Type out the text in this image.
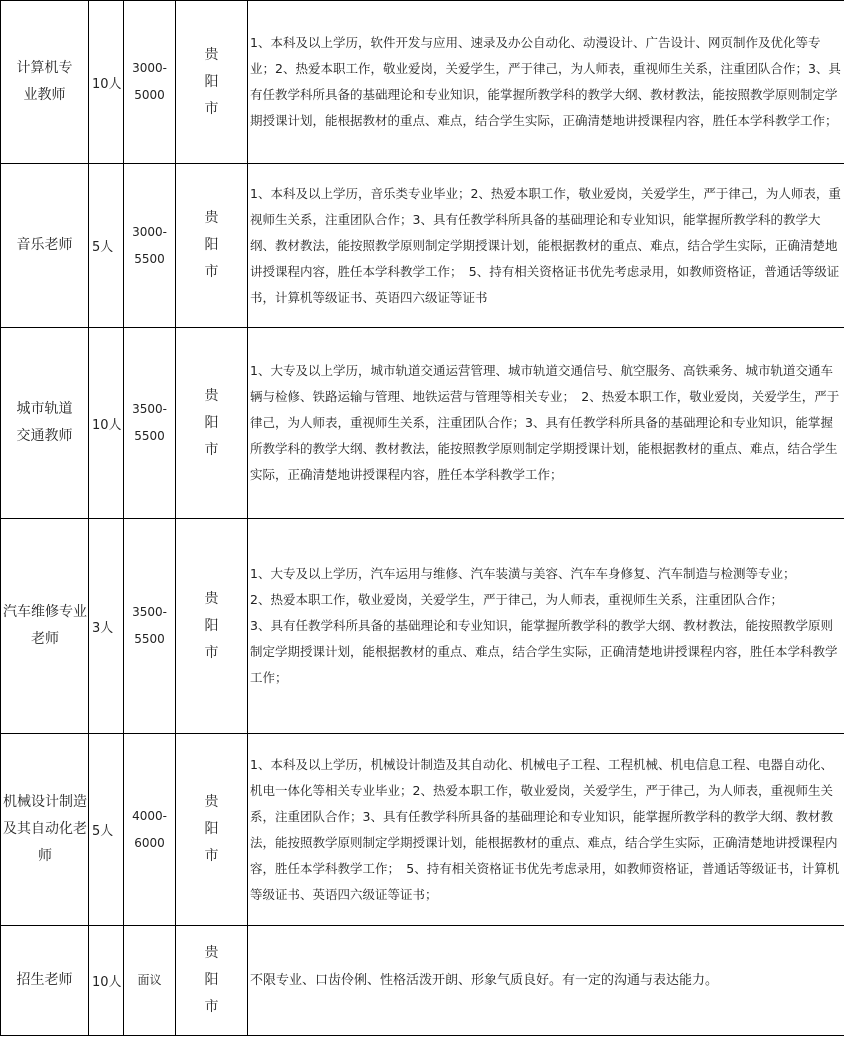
计算机专业教师	10人	3000-5000	贵阳市	1、本科及以上学历，软件开发与应用、速录及办公自动化、动漫设计、广告设计、网页制作及优化等专业；2、热爱本职工作，敬业爱岗，关爱学生，严于律己，为人师表，重视师生关系，注重团队合作；3、具有任教学科所具备的基础理论和专业知识，能掌握所教学科的教学大纲、教材教法，能按照教学原则制定学期授课计划，能根据教材的重点、难点，结合学生实际，正确清楚地讲授课程内容，胜任本学科教学工作；
音乐老师	5人	3000-5500	贵阳市	1、本科及以上学历，音乐类专业毕业；2、热爱本职工作，敬业爱岗，关爱学生，严于律己，为人师表，重视师生关系，注重团队合作；3、具有任教学科所具备的基础理论和专业知识，能掌握所教学科的教学大纲、教材教法，能按照教学原则制定学期授课计划，能根据教材的重点、难点，结合学生实际，正确清楚地讲授课程内容，胜任本学科教学工作；　5、持有相关资格证书优先考虑录用，如教师资格证，普通话等级证书，计算机等级证书、英语四六级证等证书
城市轨道交通教师	10人	3500-5500	贵阳市	1、大专及以上学历，城市轨道交通运营管理、城市轨道交通信号、航空服务、高铁乘务、城市轨道交通车辆与检修、铁路运输与管理、地铁运营与管理等相关专业；　2、热爱本职工作，敬业爱岗，关爱学生，严于律己，为人师表，重视师生关系，注重团队合作；3、具有任教学科所具备的基础理论和专业知识，能掌握所教学科的教学大纲、教材教法，能按照教学原则制定学期授课计划，能根据教材的重点、难点，结合学生实际，正确清楚地讲授课程内容，胜任本学科教学工作；
汽车维修专业老师	3人	3500-5500	贵阳市	1、大专及以上学历，汽车运用与维修、汽车装潢与美容、汽车车身修复、汽车制造与检测等专业；
2、热爱本职工作，敬业爱岗，关爱学生，严于律己，为人师表，重视师生关系，注重团队合作；
3、具有任教学科所具备的基础理论和专业知识，能掌握所教学科的教学大纲、教材教法，能按照教学原则制定学期授课计划，能根据教材的重点、难点，结合学生实际，正确清楚地讲授课程内容，胜任本学科教学工作；
机械设计制造及其自动化老师	5人	4000-6000	贵阳市	1、本科及以上学历，机械设计制造及其自动化、机械电子工程、工程机械、机电信息工程、电器自动化、机电一体化等相关专业毕业；2、热爱本职工作，敬业爱岗，关爱学生，严于律己，为人师表，重视师生关系，注重团队合作；3、具有任教学科所具备的基础理论和专业知识，能掌握所教学科的教学大纲、教材教法，能按照教学原则制定学期授课计划，能根据教材的重点、难点，结合学生实际，正确清楚地讲授课程内容，胜任本学科教学工作；　5、持有相关资格证书优先考虑录用，如教师资格证，普通话等级证书，计算机等级证书、英语四六级证等证书；
招生老师	10人	面议	贵阳市	不限专业、口齿伶俐、性格活泼开朗、形象气质良好。有一定的沟通与表达能力。
